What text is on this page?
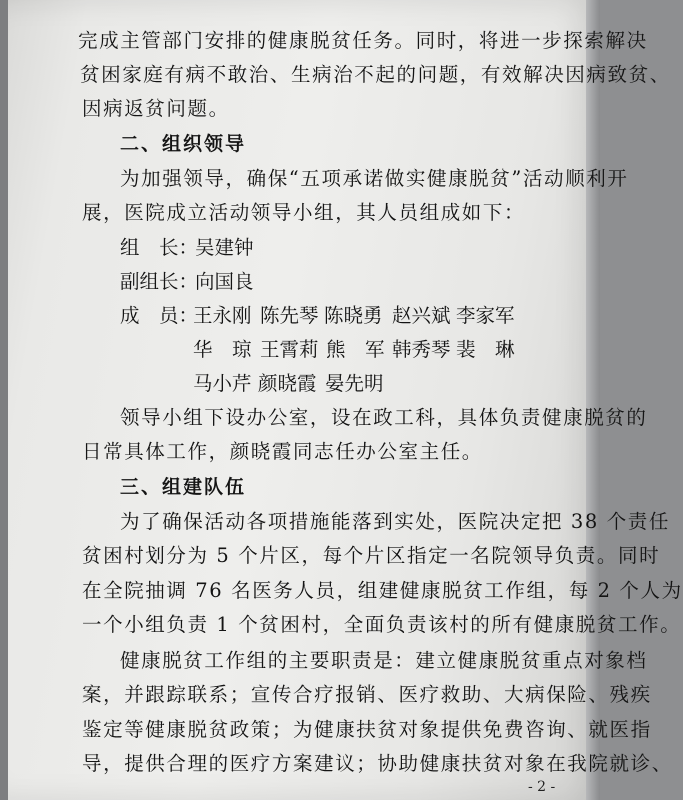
完成主管部门安排的健康脱贫任务。同时，将进一步探索解决

贫困家庭有病不敢治、生病治不起的问题，有效解决因病致贫、

因病返贫问题。

二、组织领导

为加强领导，确保“五项承诺做实健康脱贫”活动顺利开

展，医院成立活动领导小组，其人员组成如下：

组　长：

吴建钟

副组长：

向国良

成　员：

王永刚 陈先琴 陈晓勇 赵兴斌 李家军

华　琼 王霄莉 熊　军 韩秀琴 裴　琳

马小芹 颜晓霞 晏先明

领导小组下设办公室，设在政工科，具体负责健康脱贫的

日常具体工作，颜晓霞同志任办公室主任。

三、组建队伍

为了确保活动各项措施能落到实处，医院决定把 38 个责任

贫困村划分为 5 个片区，每个片区指定一名院领导负责。同时

在全院抽调 76 名医务人员，组建健康脱贫工作组，每 2 个人为

一个小组负责 1 个贫困村，全面负责该村的所有健康脱贫工作。

健康脱贫工作组的主要职责是：建立健康脱贫重点对象档

案，并跟踪联系；宣传合疗报销、医疗救助、大病保险、残疾

鉴定等健康脱贫政策；为健康扶贫对象提供免费咨询、就医指

导，提供合理的医疗方案建议；协助健康扶贫对象在我院就诊、

- 2 -
